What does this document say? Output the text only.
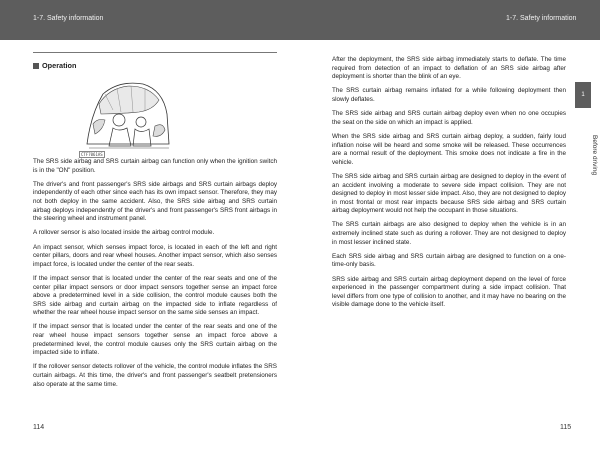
1-7. Safety information	1-7. Safety information
Operation
CTF7061AS

The SRS side airbag and SRS curtain airbag can function only when the ignition switch is in the "ON" position.

The driver's and front passenger's SRS side airbags and SRS curtain airbags deploy independently of each other since each has its own impact sensor. Therefore, they may not both deploy in the same accident. Also, the SRS side airbag and SRS curtain airbag deploys independently of the driver's and front passenger's SRS front airbags in the steering wheel and instrument panel.

A rollover sensor is also located inside the airbag control module.

An impact sensor, which senses impact force, is located in each of the left and right center pillars, doors and rear wheel houses. Another impact sensor, which also senses impact force, is located under the center of the rear seats.

If the impact sensor that is located under the center of the rear seats and one of the center pillar impact sensors or door impact sensors together sense an impact force above a predetermined level in a side collision, the control module causes both the SRS side airbag and curtain airbag on the impacted side to inflate regardless of whether the rear wheel house impact sensor on the same side senses an impact.

If the impact sensor that is located under the center of the rear seats and one of the rear wheel house impact sensors together sense an impact force above a predetermined level, the control module causes only the SRS curtain airbag on the impacted side to inflate.

If the rollover sensor detects rollover of the vehicle, the control module inflates the SRS curtain airbags. At this time, the driver's and front passenger's seatbelt pretensioners also operate at the same time.

After the deployment, the SRS side airbag immediately starts to deflate. The time required from detection of an impact to deflation of an SRS side airbag after deployment is shorter than the blink of an eye.

The SRS curtain airbag remains inflated for a while following deployment then slowly deflates.

The SRS side airbag and SRS curtain airbag deploy even when no one occupies the seat on the side on which an impact is applied.

When the SRS side airbag and SRS curtain airbag deploy, a sudden, fairly loud inflation noise will be heard and some smoke will be released. These occurrences are a normal result of the deployment. This smoke does not indicate a fire in the vehicle.

The SRS side airbag and SRS curtain airbag are designed to deploy in the event of an accident involving a moderate to severe side impact collision. They are not designed to deploy in most lesser side impact. Also, they are not designed to deploy in most frontal or most rear impacts because SRS side airbag and SRS curtain airbag deployment would not help the occupant in those situations.

The SRS curtain airbags are also designed to deploy when the vehicle is in an extremely inclined state such as during a rollover. They are not designed to deploy in most lesser inclined state.

Each SRS side airbag and SRS curtain airbag are designed to function on a one-time-only basis.

SRS side airbag and SRS curtain airbag deployment depend on the level of force experienced in the passenger compartment during a side impact collision. That level differs from one type of collision to another, and it may have no bearing on the visible damage done to the vehicle itself.

1
Before driving
114	115
